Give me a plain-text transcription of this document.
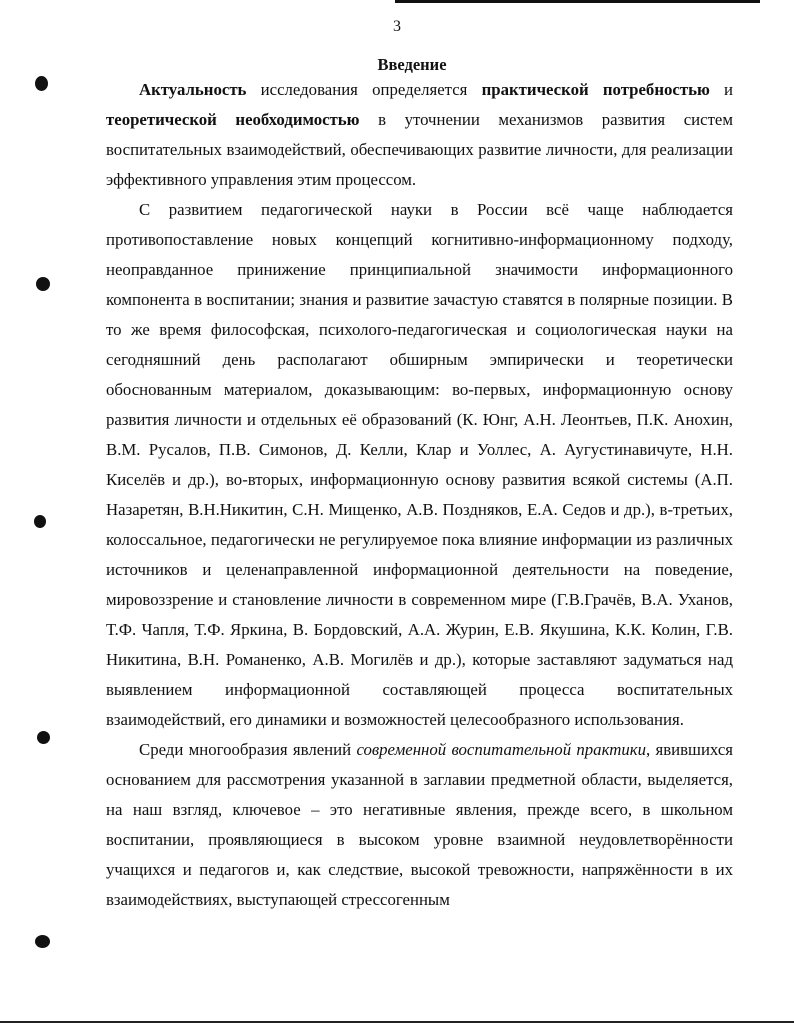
3
Введение

Актуальность исследования определяется практической потребностью и теоретической необходимостью в уточнении механизмов развития систем воспитательных взаимодействий, обеспечивающих развитие личности, для реализации эффективного управления этим процессом.

С развитием педагогической науки в России всё чаще наблюдается противопоставление новых концепций когнитивно-информационному подходу, неоправданное принижение принципиальной значимости информационного компонента в воспитании; знания и развитие зачастую ставятся в полярные позиции. В то же время философская, психолого-педагогическая и социологическая науки на сегодняшний день располагают обширным эмпирически и теоретически обоснованным материалом, доказывающим: во-первых, информационную основу развития личности и отдельных её образований (К. Юнг, А.Н. Леонтьев, П.К. Анохин, В.М. Русалов, П.В. Симонов, Д. Келли, Клар и Уоллес, А. Аугустинавичуте, Н.Н. Киселёв и др.), во-вторых, информационную основу развития всякой системы (А.П. Назаретян, В.Н.Никитин, С.Н. Мищенко, А.В. Поздняков, Е.А. Седов и др.), в-третьих, колоссальное, педагогически не регулируемое пока влияние информации из различных источников и целенаправленной информационной деятельности на поведение, мировоззрение и становление личности в современном мире (Г.В.Грачёв, В.А. Уханов, Т.Ф. Чапля, Т.Ф. Яркина, В. Бордовский, А.А. Журин, Е.В. Якушина, К.К. Колин, Г.В. Никитина, В.Н. Романенко, А.В. Могилёв и др.), которые заставляют задуматься над выявлением информационной составляющей процесса воспитательных взаимодействий, его динамики и возможностей целесообразного использования.

Среди многообразия явлений современной воспитательной практики, явившихся основанием для рассмотрения указанной в заглавии предметной области, выделяется, на наш взгляд, ключевое – это негативные явления, прежде всего, в школьном воспитании, проявляющиеся в высоком уровне взаимной неудовлетворённости учащихся и педагогов и, как следствие, высокой тревожности, напряжённости в их взаимодействиях, выступающей стрессогенным
